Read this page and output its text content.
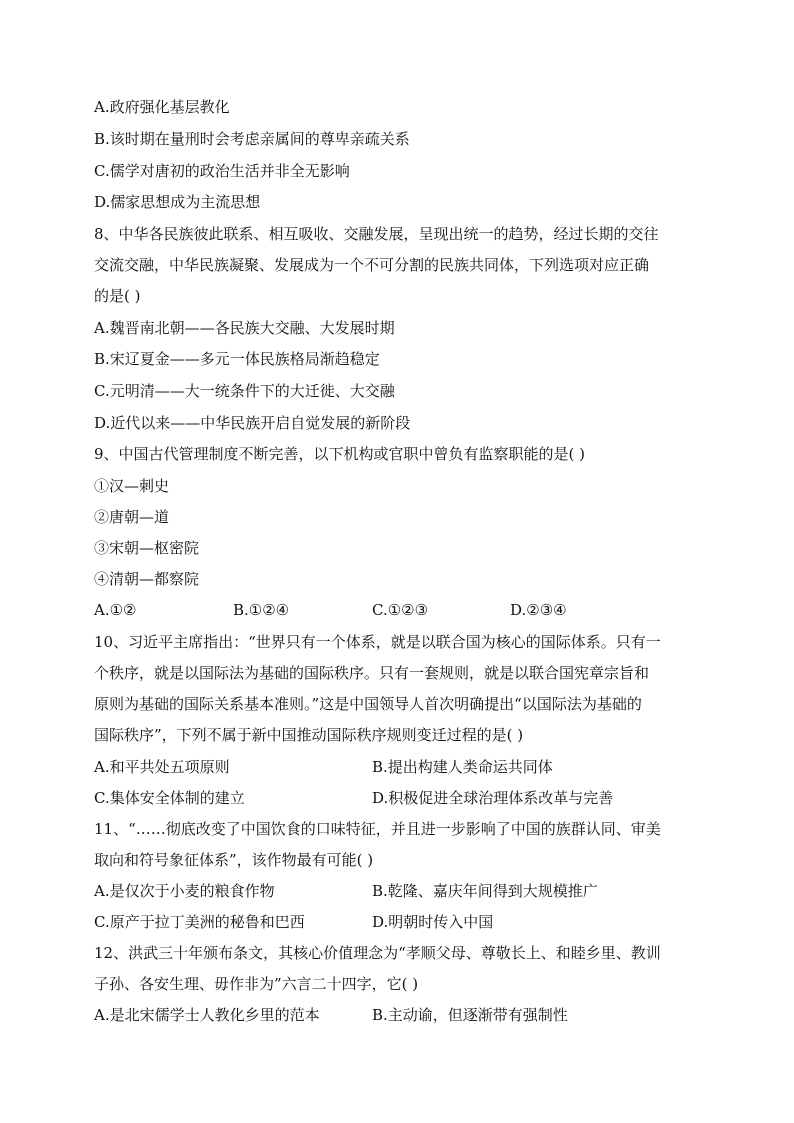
A.政府强化基层教化
B.该时期在量刑时会考虑亲属间的尊卑亲疏关系
C.儒学对唐初的政治生活并非全无影响
D.儒家思想成为主流思想
8、中华各民族彼此联系、相互吸收、交融发展，呈现出统一的趋势，经过长期的交往
交流交融，中华民族凝聚、发展成为一个不可分割的民族共同体，下列选项对应正确
的是( )
A.魏晋南北朝——各民族大交融、大发展时期
B.宋辽夏金——多元一体民族格局渐趋稳定
C.元明清——大一统条件下的大迁徙、大交融
D.近代以来——中华民族开启自觉发展的新阶段
9、中国古代管理制度不断完善，以下机构或官职中曾负有监察职能的是( )
①汉—刺史
②唐朝—道
③宋朝—枢密院
④清朝—都察院
A.①②	B.①②④	C.①②③	D.②③④
10、习近平主席指出：“世界只有一个体系，就是以联合国为核心的国际体系。只有一
个秩序，就是以国际法为基础的国际秩序。只有一套规则，就是以联合国宪章宗旨和
原则为基础的国际关系基本准则。”这是中国领导人首次明确提出“以国际法为基础的
国际秩序”，下列不属于新中国推动国际秩序规则变迁过程的是( )
A.和平共处五项原则	B.提出构建人类命运共同体
C.集体安全体制的建立	D.积极促进全球治理体系改革与完善
11、“……彻底改变了中国饮食的口味特征，并且进一步影响了中国的族群认同、审美
取向和符号象征体系”，该作物最有可能( )
A.是仅次于小麦的粮食作物	B.乾隆、嘉庆年间得到大规模推广
C.原产于拉丁美洲的秘鲁和巴西	D.明朝时传入中国
12、洪武三十年颁布条文，其核心价值理念为“孝顺父母、尊敬长上、和睦乡里、教训
子孙、各安生理、毋作非为”六言二十四字，它( )
A.是北宋儒学士人教化乡里的范本	B.主动谕，但逐渐带有强制性
